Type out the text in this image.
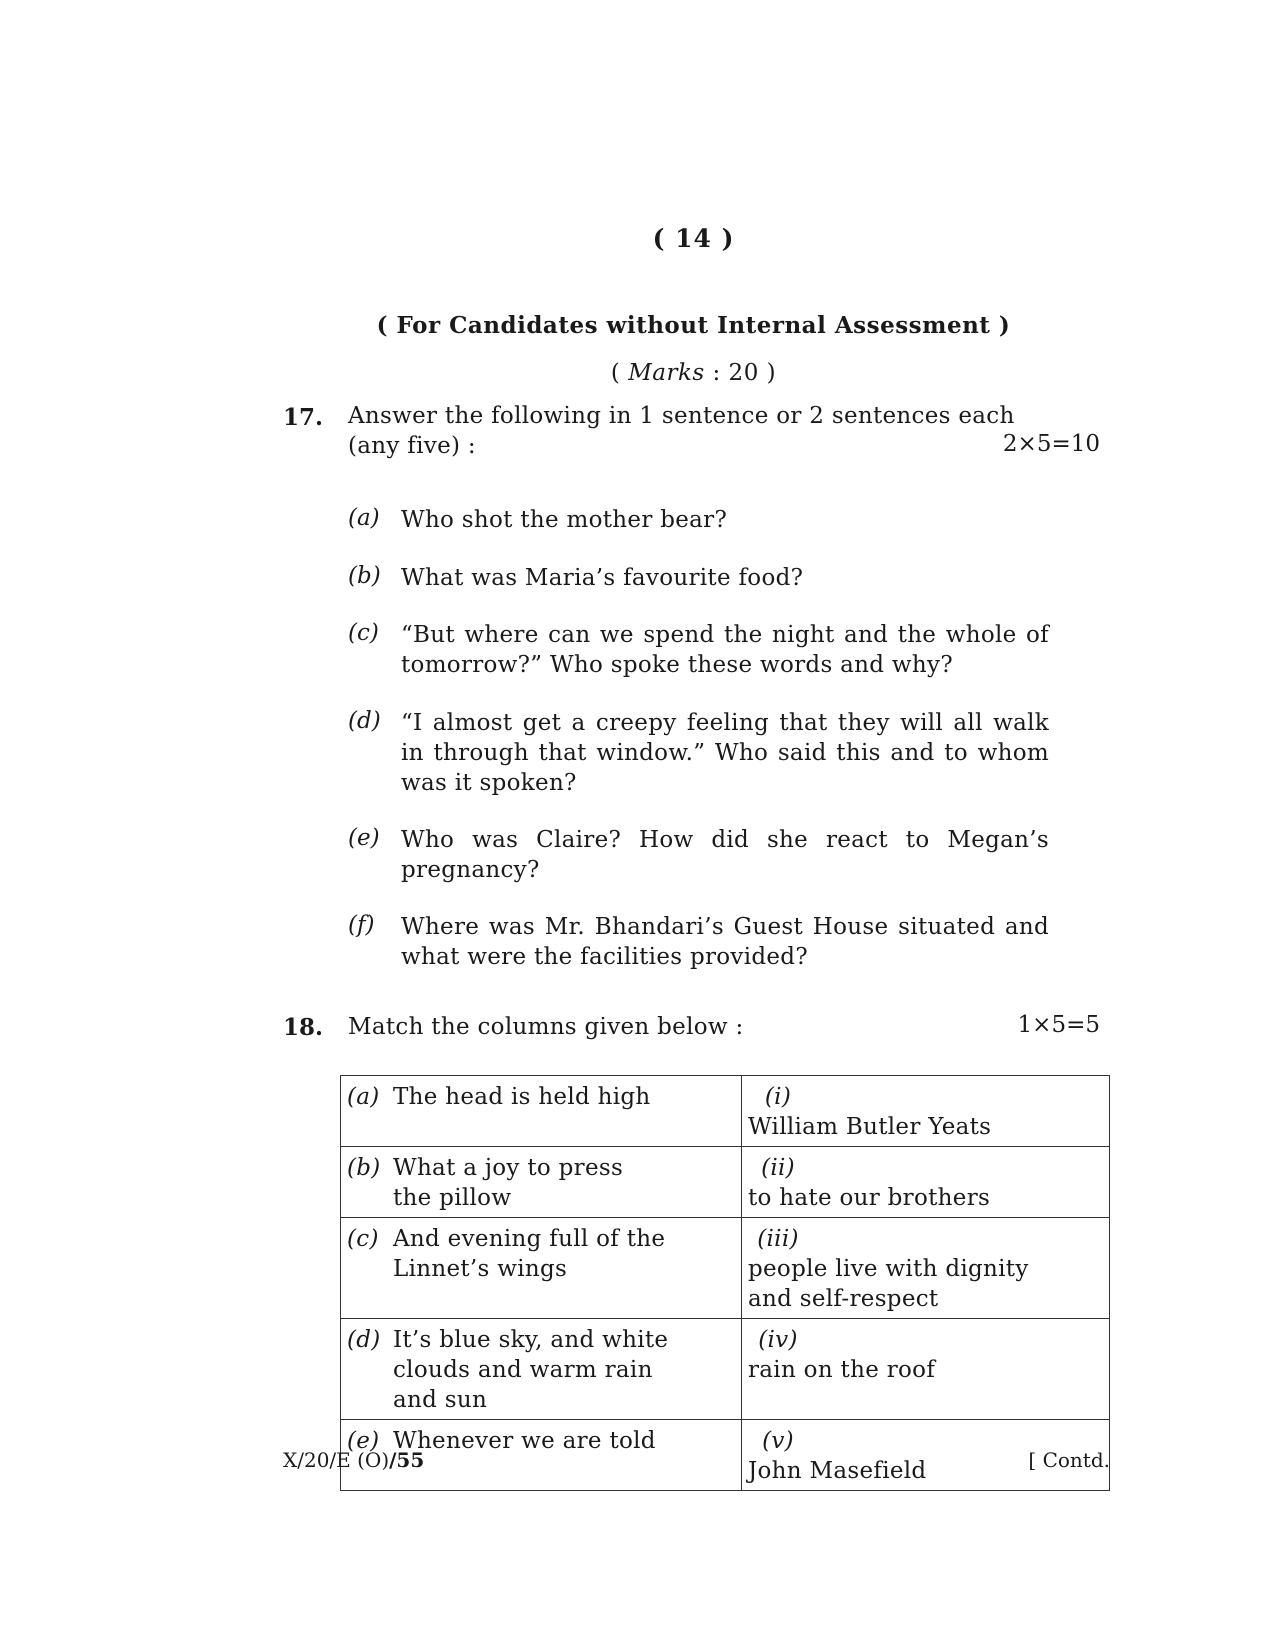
( 14 )
( For Candidates without Internal Assessment )
( Marks : 20 )
17. Answer the following in 1 sentence or 2 sentences each
(any five) :	2×5=10
(a) Who shot the mother bear?
(b) What was Maria’s favourite food?
(c) “But where can we spend the night and the whole of tomorrow?” Who spoke these words and why?
(d) “I almost get a creepy feeling that they will all walk in through that window.” Who said this and to whom was it spoken?
(e) Who was Claire? How did she react to Megan’s pregnancy?
(f) Where was Mr. Bhandari’s Guest House situated and what were the facilities provided?
18. Match the columns given below :	1×5=5
(a) The head is held high	(i)William Butler Yeats
(b) What a joy to press the pillow	(ii)to hate our brothers
(c) And evening full of the Linnet’s wings	(iii)people live with dignity and self-respect
(d) It’s blue sky, and white clouds and warm rain and sun	(iv)rain on the roof
(e) Whenever we are told	(v)John Masefield
X/20/E (O)/55	[ Contd.
